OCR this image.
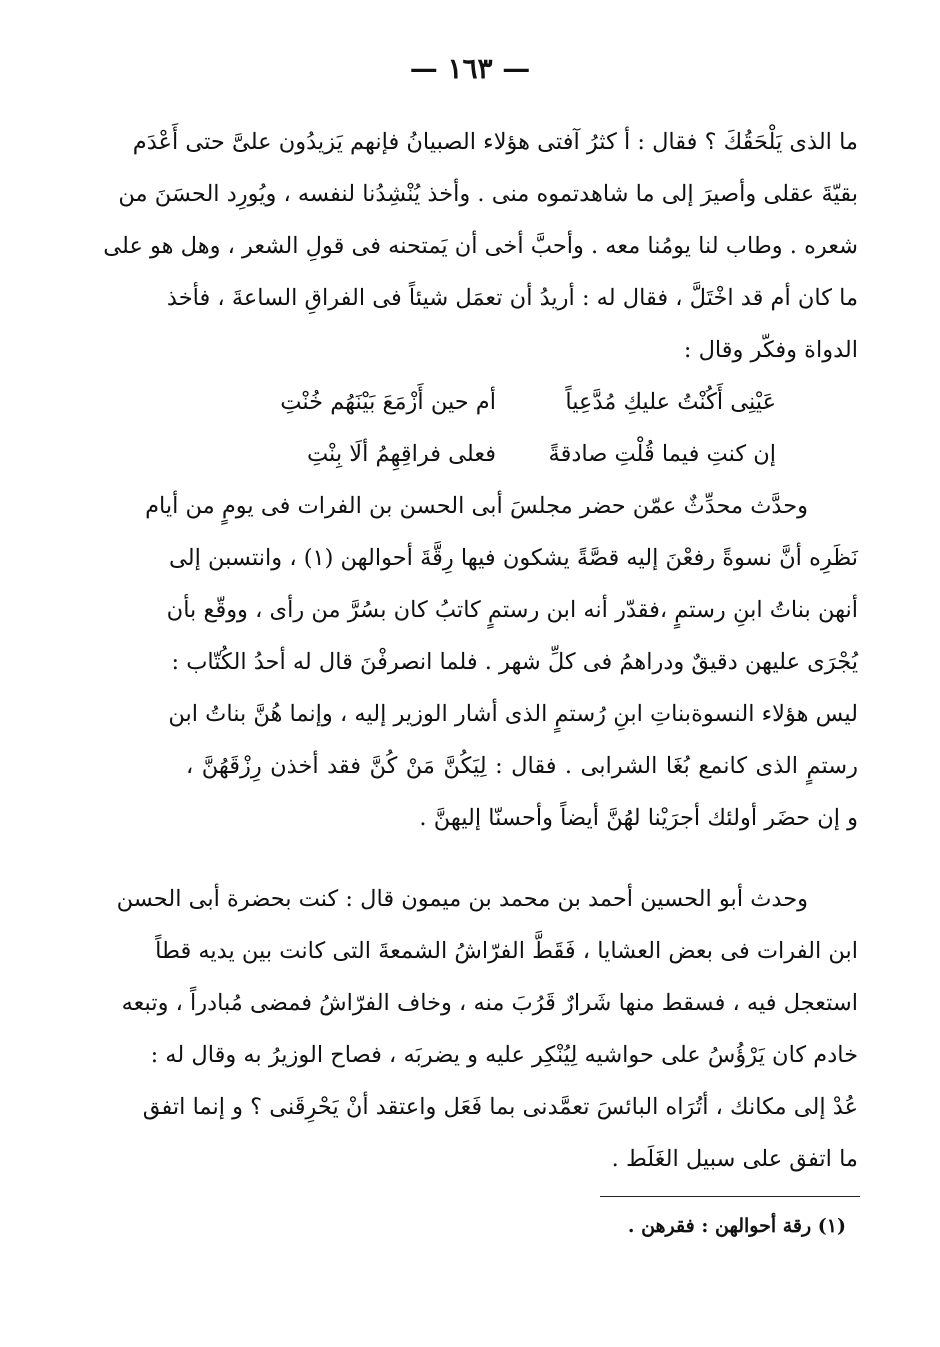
— ١٦٣ —
ما الذى يَلْحَقُكَ ؟ فقال : أ كثرُ آفتى هؤلاء الصبيانُ فإنهم يَزيدُون علىَّ حتى أَعْدَم
بقيّةَ عقلى وأصيرَ إلى ما شاهدتموه منى . وأخذ يُنْشِدُنا لنفسه ، ويُورِد الحسَنَ من
شعره . وطاب لنا يومُنا معه . وأحبَّ أخى أن يَمتحنه فى قولِ الشعر ، وهل هو على
ما كان أم قد اخْتَلَّ ، فقال له : أريدُ أن تعمَل شيئاً فى الفراقِ الساعةَ ، فأخذ
الدواة وفكّر وقال :
عَيْنِى أَكُنْتُ عليكِ مُدَّعِياً
أم حين أَزْمَعَ بَيْنَهُم خُنْتِ
إن كنتِ فيما قُلْتِ صادقةً
فعلى فراقِهِمُ ألَا بِنْتِ
وحدَّث محدِّثٌ عمّن حضر مجلسَ أبى الحسن بن الفرات فى يومٍ من أيام
نَظَرِه أنَّ نسوةً رفعْنَ إليه قصَّةً يشكون فيها رِقَّةَ أحوالهن (١) ، وانتسبن إلى
أنهن بناتُ ابنِ رستمٍ ،فقدّر أنه ابن رستمٍ كاتبُ كان بسُرَّ من رأى ، ووقّع بأن
يُجْرَى عليهن دقيقٌ ودراهمُ فى كلِّ شهر . فلما انصرفْنَ قال له أحدُ الكُتّاب :
ليس هؤلاء النسوةبناتِ ابنِ رُستمٍ الذى أشار الوزير إليه ، وإنما هُنَّ بناتُ ابن
رستمٍ الذى كانمع بُغَا الشرابى . فقال : لِيَكُنَّ مَنْ كُنَّ فقد أخذن رِزْقَهُنَّ ،
و إن حضَر أولئك أجرَيْنا لهُنَّ أيضاً وأحسنّا إليهنَّ .
وحدث أبو الحسين أحمد بن محمد بن ميمون قال : كنت بحضرة أبى الحسن
ابن الفرات فى بعض العشايا ، فَقَطَّ الفرّاشُ الشمعةَ التى كانت بين يديه قطاً
استعجل فيه ، فسقط منها شَرارٌ قَرُبَ منه ، وخاف الفرّاشُ فمضى مُبادراً ، وتبعه
خادم كان يَرْؤُسُ على حواشيه لِيُنْكِر عليه و يضربَه ، فصاح الوزيرُ به وقال له :
عُدْ إلى مكانك ، أتُرَاه البائسَ تعمَّدنى بما فَعَل واعتقد أنْ يَحْرِقَنى ؟ و إنما اتفق
ما اتفق على سبيل الغَلَط .
(١) رقة أحوالهن : فقرهن .
